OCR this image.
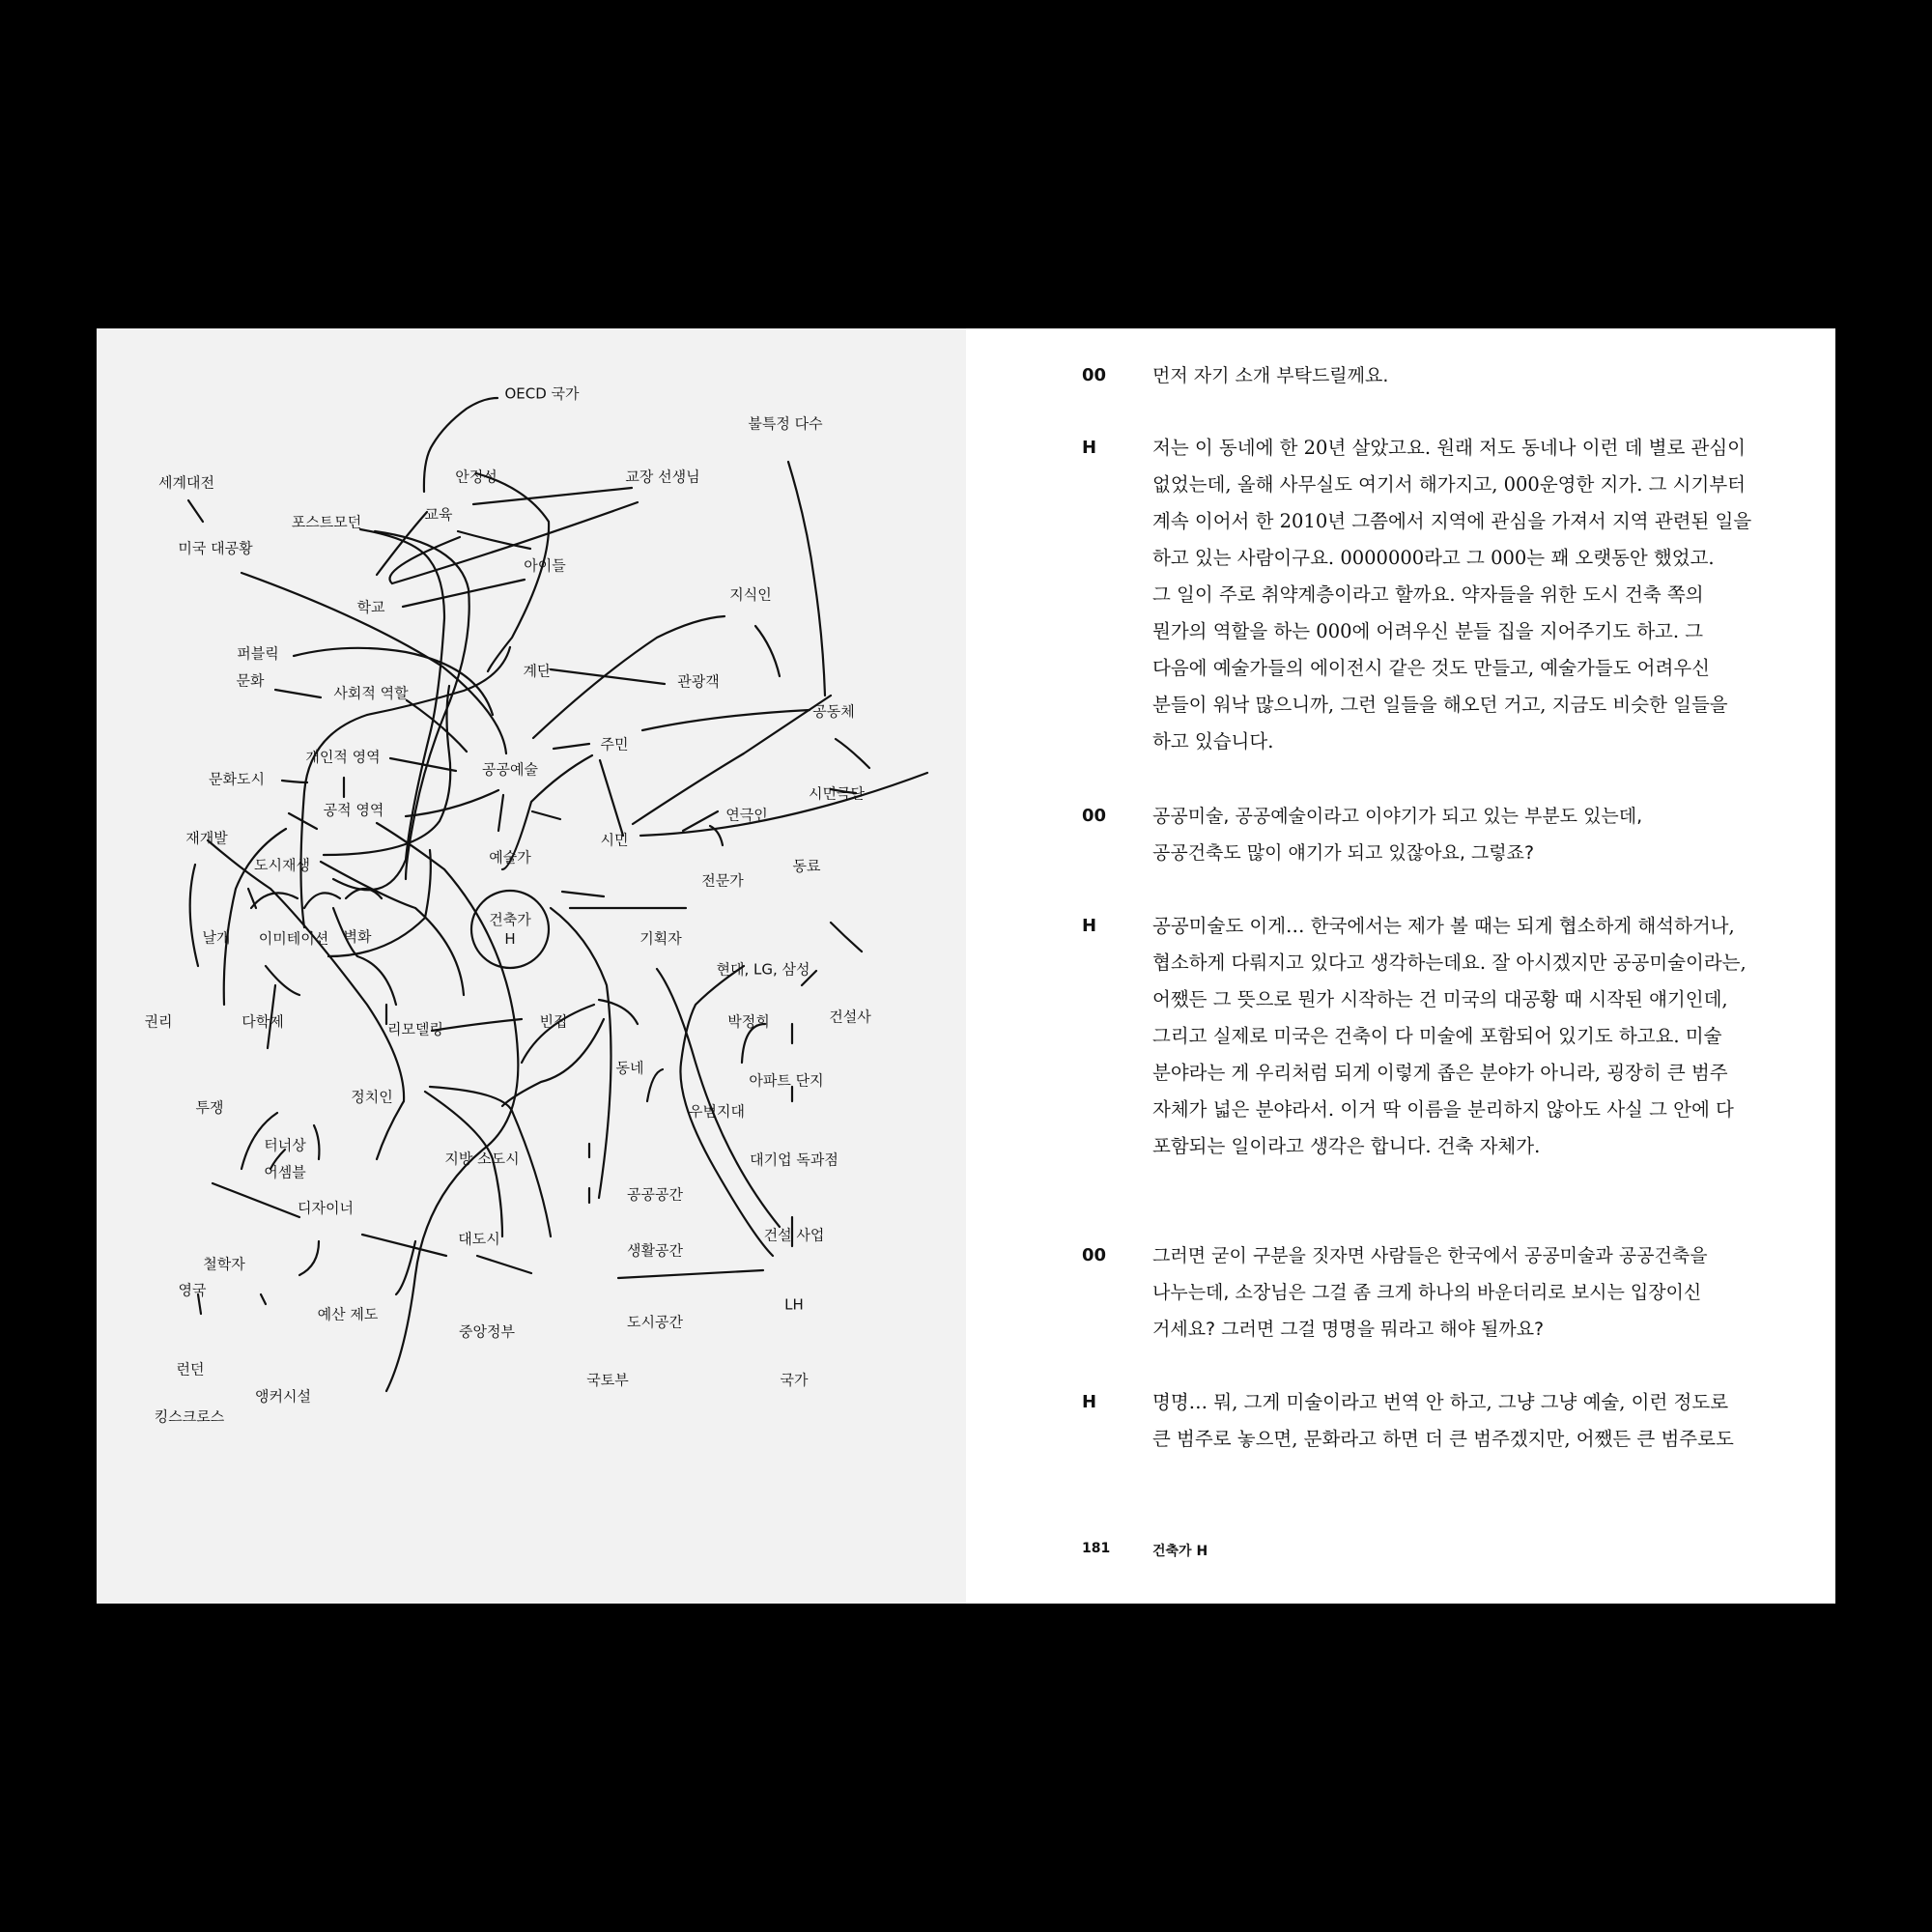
OECD 국가
불특정 다수
세계대전	안정성	교장 선생님
교육
포스트모던
미국 대공황
아이들
학교
지식인
퍼블릭
문화
사회적 역할
계단
관광객
공동체
주민
개인적 영역
공공예술
문화도시
시민극단
공적 영역	연극인
재개발
예술가
시민
도시재생	동료
전문가
날개 이미테이션 벽화	기획자
현대, LG, 삼성
권리	다학제	리모델링	빈집	박정희	건설사
동네
아파트 단지
투쟁
정치인
우범지대
터너상
어셈블
지방 소도시	대기업 독과점
공공공간
디자이너
대도시	건설 사업
철학자
생활공간
영국
예산 제도
LH
도시공간
중앙정부
런던
국토부	국가
앵커시설
킹스크로스
건축가
H
00	먼저 자기 소개 부탁드릴께요.
H	저는 이 동네에 한 20년 살았고요. 원래 저도 동네나 이런 데 별로 관심이
없었는데, 올해 사무실도 여기서 해가지고, 000운영한 지가. 그 시기부터
계속 이어서 한 2010년 그쯤에서 지역에 관심을 가져서 지역 관련된 일을
하고 있는 사람이구요. 0000000라고 그 000는 꽤 오랫동안 했었고.
그 일이 주로 취약계층이라고 할까요. 약자들을 위한 도시 건축 쪽의
뭔가의 역할을 하는 000에 어려우신 분들 집을 지어주기도 하고. 그
다음에 예술가들의 에이전시 같은 것도 만들고, 예술가들도 어려우신
분들이 워낙 많으니까, 그런 일들을 해오던 거고, 지금도 비슷한 일들을
하고 있습니다.
00	공공미술, 공공예술이라고 이야기가 되고 있는 부분도 있는데,
공공건축도 많이 얘기가 되고 있잖아요, 그렇죠?
H	공공미술도 이게… 한국에서는 제가 볼 때는 되게 협소하게 해석하거나,
협소하게 다뤄지고 있다고 생각하는데요. 잘 아시겠지만 공공미술이라는,
어쨌든 그 뜻으로 뭔가 시작하는 건 미국의 대공황 때 시작된 얘기인데,
그리고 실제로 미국은 건축이 다 미술에 포함되어 있기도 하고요. 미술
분야라는 게 우리처럼 되게 이렇게 좁은 분야가 아니라, 굉장히 큰 범주
자체가 넓은 분야라서. 이거 딱 이름을 분리하지 않아도 사실 그 안에 다
포함되는 일이라고 생각은 합니다. 건축 자체가.
00	그러면 굳이 구분을 짓자면 사람들은 한국에서 공공미술과 공공건축을
나누는데, 소장님은 그걸 좀 크게 하나의 바운더리로 보시는 입장이신
거세요? 그러면 그걸 명명을 뭐라고 해야 될까요?
H	명명… 뭐, 그게 미술이라고 번역 안 하고, 그냥 그냥 예술, 이런 정도로
큰 범주로 놓으면, 문화라고 하면 더 큰 범주겠지만, 어쨌든 큰 범주로도
181	건축가 H
